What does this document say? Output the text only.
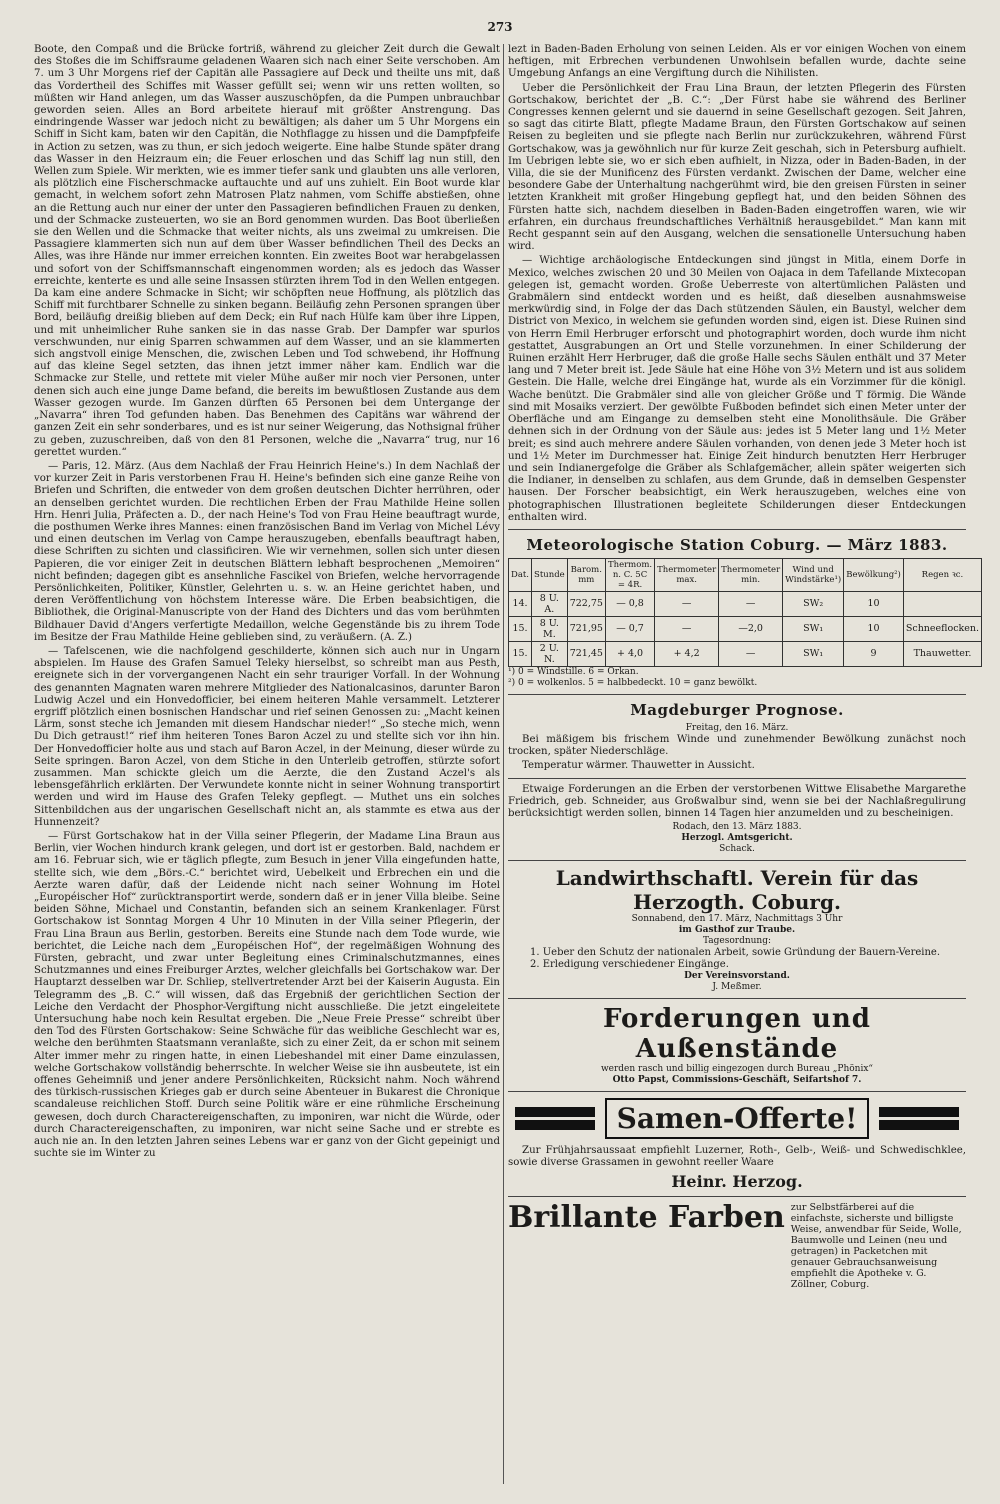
273

Boote, den Compaß und die Brücke fortriß, während zu gleicher Zeit durch die Gewalt des Stoßes die im Schiffsraume geladenen Waaren sich nach einer Seite verschoben. Am 7. um 3 Uhr Morgens rief der Capitän alle Passagiere auf Deck und theilte uns mit, daß das Vordertheil des Schiffes mit Wasser gefüllt sei; wenn wir uns retten wollten, so müßten wir Hand anlegen, um das Wasser auszuschöpfen, da die Pumpen unbrauchbar geworden seien. Alles an Bord arbeitete hierauf mit größter Anstrengung. Das eindringende Wasser war jedoch nicht zu bewältigen; als daher um 5 Uhr Morgens ein Schiff in Sicht kam, baten wir den Capitän, die Nothflagge zu hissen und die Dampfpfeife in Action zu setzen, was zu thun, er sich jedoch weigerte. Eine halbe Stunde später drang das Wasser in den Heizraum ein; die Feuer erloschen und das Schiff lag nun still, den Wellen zum Spiele. Wir merkten, wie es immer tiefer sank und glaubten uns alle verloren, als plötzlich eine Fischerschmacke auftauchte und auf uns zuhielt. Ein Boot wurde klar gemacht, in welchem sofort zehn Matrosen Platz nahmen, vom Schiffe abstießen, ohne an die Rettung auch nur einer der unter den Passagieren befindlichen Frauen zu denken, und der Schmacke zusteuerten, wo sie an Bord genommen wurden. Das Boot überließen sie den Wellen und die Schmacke that weiter nichts, als uns zweimal zu umkreisen. Die Passagiere klammerten sich nun auf dem über Wasser befindlichen Theil des Decks an Alles, was ihre Hände nur immer erreichen konnten. Ein zweites Boot war herabgelassen und sofort von der Schiffsmannschaft eingenommen worden; als es jedoch das Wasser erreichte, kenterte es und alle seine Insassen stürzten ihrem Tod in den Wellen entgegen. Da kam eine andere Schmacke in Sicht; wir schöpften neue Hoffnung, als plötzlich das Schiff mit furchtbarer Schnelle zu sinken begann. Beiläufig zehn Personen sprangen über Bord, beiläufig dreißig blieben auf dem Deck; ein Ruf nach Hülfe kam über ihre Lippen, und mit unheimlicher Ruhe sanken sie in das nasse Grab. Der Dampfer war spurlos verschwunden, nur einig Sparren schwammen auf dem Wasser, und an sie klammerten sich angstvoll einige Menschen, die, zwischen Leben und Tod schwebend, ihr Hoffnung auf das kleine Segel setzten, das ihnen jetzt immer näher kam. Endlich war die Schmacke zur Stelle, und rettete mit vieler Mühe außer mir noch vier Personen, unter denen sich auch eine junge Dame befand, die bereits im bewußtlosen Zustande aus dem Wasser gezogen wurde. Im Ganzen dürften 65 Personen bei dem Untergange der „Navarra“ ihren Tod gefunden haben. Das Benehmen des Capitäns war während der ganzen Zeit ein sehr sonderbares, und es ist nur seiner Weigerung, das Nothsignal früher zu geben, zuzuschreiben, daß von den 81 Personen, welche die „Navarra“ trug, nur 16 gerettet wurden.“

— Paris, 12. März. (Aus dem Nachlaß der Frau Heinrich Heine's.) In dem Nachlaß der vor kurzer Zeit in Paris verstorbenen Frau H. Heine's befinden sich eine ganze Reihe von Briefen und Schriften, die entweder von dem großen deutschen Dichter herrühren, oder an denselben gerichtet wurden. Die rechtlichen Erben der Frau Mathilde Heine sollen Hrn. Henri Julia, Präfecten a. D., der nach Heine's Tod von Frau Heine beauftragt wurde, die posthumen Werke ihres Mannes: einen französischen Band im Verlag von Michel Lévy und einen deutschen im Verlag von Campe herauszugeben, ebenfalls beauftragt haben, diese Schriften zu sichten und classificiren. Wie wir vernehmen, sollen sich unter diesen Papieren, die vor einiger Zeit in deutschen Blättern lebhaft besprochenen „Memoiren“ nicht befinden; dagegen gibt es ansehnliche Fascikel von Briefen, welche hervorragende Persönlichkeiten, Politiker, Künstler, Gelehrten u. s. w. an Heine gerichtet haben, und deren Veröffentlichung von höchstem Interesse wäre. Die Erben beabsichtigen, die Bibliothek, die Original-Manuscripte von der Hand des Dichters und das vom berühmten Bildhauer David d'Angers verfertigte Medaillon, welche Gegenstände bis zu ihrem Tode im Besitze der Frau Mathilde Heine geblieben sind, zu veräußern. (A. Z.)

— Tafelscenen, wie die nachfolgend geschilderte, können sich auch nur in Ungarn abspielen. Im Hause des Grafen Samuel Teleky hierselbst, so schreibt man aus Pesth, ereignete sich in der vorvergangenen Nacht ein sehr trauriger Vorfall. In der Wohnung des genannten Magnaten waren mehrere Mitglieder des Nationalcasinos, darunter Baron Ludwig Aczel und ein Honvedofficier, bei einem heiteren Mahle versammelt. Letzterer ergriff plötzlich einen bosnischen Handschar und rief seinen Genossen zu: „Macht keinen Lärm, sonst steche ich Jemanden mit diesem Handschar nieder!“ „So steche mich, wenn Du Dich getraust!“ rief ihm heiteren Tones Baron Aczel zu und stellte sich vor ihn hin. Der Honvedofficier holte aus und stach auf Baron Aczel, in der Meinung, dieser würde zu Seite springen. Baron Aczel, von dem Stiche in den Unterleib getroffen, stürzte sofort zusammen. Man schickte gleich um die Aerzte, die den Zustand Aczel's als lebensgefährlich erklärten. Der Verwundete konnte nicht in seiner Wohnung transportirt werden und wird im Hause des Grafen Teleky gepflegt. — Muthet uns ein solches Sittenbildchen aus der ungarischen Gesellschaft nicht an, als stammte es etwa aus der Hunnenzeit?

— Fürst Gortschakow hat in der Villa seiner Pflegerin, der Madame Lina Braun aus Berlin, vier Wochen hindurch krank gelegen, und dort ist er gestorben. Bald, nachdem er am 16. Februar sich, wie er täglich pflegte, zum Besuch in jener Villa eingefunden hatte, stellte sich, wie dem „Börs.-C.“ berichtet wird, Uebelkeit und Erbrechen ein und die Aerzte waren dafür, daß der Leidende nicht nach seiner Wohnung im Hotel „Européischer Hof“ zurücktransportirt werde, sondern daß er in jener Villa bleibe. Seine beiden Söhne, Michael und Constantin, befanden sich an seinem Krankenlager. Fürst Gortschakow ist Sonntag Morgen 4 Uhr 10 Minuten in der Villa seiner Pflegerin, der Frau Lina Braun aus Berlin, gestorben. Bereits eine Stunde nach dem Tode wurde, wie berichtet, die Leiche nach dem „Européischen Hof“, der regelmäßigen Wohnung des Fürsten, gebracht, und zwar unter Begleitung eines Criminalschutzmannes, eines Schutzmannes und eines Freiburger Arztes, welcher gleichfalls bei Gortschakow war. Der Hauptarzt desselben war Dr. Schliep, stellvertretender Arzt bei der Kaiserin Augusta. Ein Telegramm des „B. C.“ will wissen, daß das Ergebniß der gerichtlichen Section der Leiche den Verdacht der Phosphor-Vergiftung nicht ausschließe. Die jetzt eingeleitete Untersuchung habe noch kein Resultat ergeben. Die „Neue Freie Presse“ schreibt über den Tod des Fürsten Gortschakow: Seine Schwäche für das weibliche Geschlecht war es, welche den berühmten Staatsmann veranlaßte, sich zu einer Zeit, da er schon mit seinem Alter immer mehr zu ringen hatte, in einen Liebeshandel mit einer Dame einzulassen, welche Gortschakow vollständig beherrschte. In welcher Weise sie ihn ausbeutete, ist ein offenes Geheimniß und jener andere Persönlichkeiten, Rücksicht nahm. Noch während des türkisch-russischen Krieges gab er durch seine Abenteuer in Bukarest die Chronique scandaleuse reichlichen Stoff. Durch seine Politik wäre er eine rühmliche Erscheinung gewesen, doch durch Charactereigenschaften, zu imponiren, war nicht die Würde, oder durch Charactereigenschaften, zu imponiren, war nicht seine Sache und er strebte es auch nie an. In den letzten Jahren seines Lebens war er ganz von der Gicht gepeinigt und suchte sie im Winter zu

lezt in Baden-Baden Erholung von seinen Leiden. Als er vor einigen Wochen von einem heftigen, mit Erbrechen verbundenen Unwohlsein befallen wurde, dachte seine Umgebung Anfangs an eine Vergiftung durch die Nihilisten.

Ueber die Persönlichkeit der Frau Lina Braun, der letzten Pflegerin des Fürsten Gortschakow, berichtet der „B. C.“: „Der Fürst habe sie während des Berliner Congresses kennen gelernt und sie dauernd in seine Gesellschaft gezogen. Seit Jahren, so sagt das citirte Blatt, pflegte Madame Braun, den Fürsten Gortschakow auf seinen Reisen zu begleiten und sie pflegte nach Berlin nur zurückzukehren, während Fürst Gortschakow, was ja gewöhnlich nur für kurze Zeit geschah, sich in Petersburg aufhielt. Im Uebrigen lebte sie, wo er sich eben aufhielt, in Nizza, oder in Baden-Baden, in der Villa, die sie der Munificenz des Fürsten verdankt. Zwischen der Dame, welcher eine besondere Gabe der Unterhaltung nachgerühmt wird, bie den greisen Fürsten in seiner letzten Krankheit mit großer Hingebung gepflegt hat, und den beiden Söhnen des Fürsten hatte sich, nachdem dieselben in Baden-Baden eingetroffen waren, wie wir erfahren, ein durchaus freundschaftliches Verhältniß herausgebildet.“ Man kann mit Recht gespannt sein auf den Ausgang, welchen die sensationelle Untersuchung haben wird.

— Wichtige archäologische Entdeckungen sind jüngst in Mitla, einem Dorfe in Mexico, welches zwischen 20 und 30 Meilen von Oajaca in dem Tafellande Mixtecopan gelegen ist, gemacht worden. Große Ueberreste von altertümlichen Palästen und Grabmälern sind entdeckt worden und es heißt, daß dieselben ausnahmsweise merkwürdig sind, in Folge der das Dach stützenden Säulen, ein Baustyl, welcher dem District von Mexico, in welchem sie gefunden worden sind, eigen ist. Diese Ruinen sind von Herrn Emil Herbruger erforscht und photographirt worden, doch wurde ihm nicht gestattet, Ausgrabungen an Ort und Stelle vorzunehmen. In einer Schilderung der Ruinen erzählt Herr Herbruger, daß die große Halle sechs Säulen enthält und 37 Meter lang und 7 Meter breit ist. Jede Säule hat eine Höhe von 3½ Metern und ist aus solidem Gestein. Die Halle, welche drei Eingänge hat, wurde als ein Vorzimmer für die königl. Wache benützt. Die Grabmäler sind alle von gleicher Größe und T förmig. Die Wände sind mit Mosaiks verziert. Der gewölbte Fußboden befindet sich einen Meter unter der Oberfläche und am Eingange zu demselben steht eine Monolithsäule. Die Gräber dehnen sich in der Ordnung von der Säule aus: jedes ist 5 Meter lang und 1½ Meter breit; es sind auch mehrere andere Säulen vorhanden, von denen jede 3 Meter hoch ist und 1½ Meter im Durchmesser hat. Einige Zeit hindurch benutzten Herr Herbruger und sein Indianergefolge die Gräber als Schlafgemächer, allein später weigerten sich die Indianer, in denselben zu schlafen, aus dem Grunde, daß in demselben Gespenster hausen. Der Forscher beabsichtigt, ein Werk herauszugeben, welches eine von photographischen Illustrationen begleitete Schilderungen dieser Entdeckungen enthalten wird.

Meteorologische Station Coburg. — März 1883.
Dat.	Stunde	Barom. mm	Thermom. n. C. 5C = 4R.	Thermometer max.	Thermometer min.	Wind und Windstärke¹)	Bewölkung²)	Regen ꝛc.
14.	8 U. A.	722,75	— 0,8	—	—	SW₂	10	
15.	8 U. M.	721,95	— 0,7	—	—2,0	SW₁	10	Schneeflocken.
15.	2 U. N.	721,45	+ 4,0	+ 4,2	—	SW₁	9	Thauwetter.
¹) 0 = Windstille. 6 = Orkan.
²) 0 = wolkenlos. 5 = halbbedeckt. 10 = ganz bewölkt.
Magdeburger Prognose.
Freitag, den 16. März.

Bei mäßigem bis frischem Winde und zunehmender Bewölkung zunächst noch trocken, später Niederschläge.

Temperatur wärmer. Thauwetter in Aussicht.

Etwaige Forderungen an die Erben der verstorbenen Wittwe Elisabethe Margarethe Friedrich, geb. Schneider, aus Großwalbur sind, wenn sie bei der Nachlaßregulirung berücksichtigt werden sollen, binnen 14 Tagen hier anzumelden und zu bescheinigen.

Rodach, den 13. März 1883.
Herzogl. Amtsgericht.
Schack.
Landwirthschaftl. Verein für das Herzogth. Coburg.
Sonnabend, den 17. März, Nachmittags 3 Uhr
im Gasthof zur Traube.
Tagesordnung:
1. Ueber den Schutz der nationalen Arbeit, sowie Gründung der Bauern-Vereine.
2. Erledigung verschiedener Eingänge.
Der Vereinsvorstand.
J. Meßmer.
Forderungen und Außenstände
werden rasch und billig eingezogen durch Bureau „Phönix“
Otto Papst, Commissions-Geschäft, Seifartshof 7.
Samen-Offerte!

Zur Frühjahrsaussaat empfiehlt Luzerner, Roth-, Gelb-, Weiß- und Schwedischklee, sowie diverse Grassamen in gewohnt reeller Waare

Heinr. Herzog.
Brillante Farben zur Selbstfärberei auf die einfachste, sicherste und billigste Weise, anwendbar für Seide, Wolle, Baumwolle und Leinen (neu und getragen) in Packetchen mit genauer Gebrauchsanweisung empfiehlt die Apotheke v. G. Zöllner, Coburg.
